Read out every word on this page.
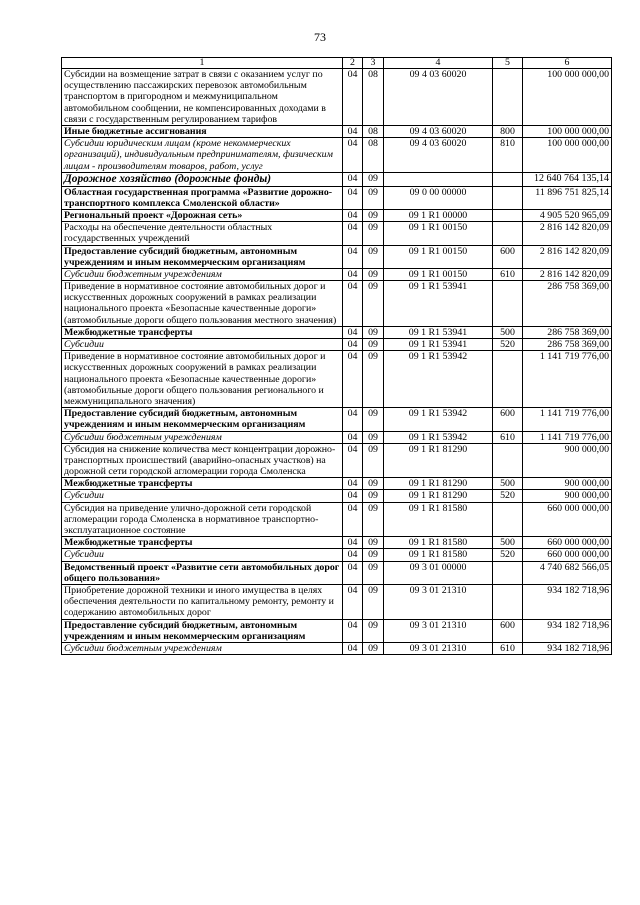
73
1	2	3	4	5	6
Субсидии на возмещение затрат в связи с оказанием услуг по осуществлению пассажирских перевозок автомобильным транспортом в пригородном и межмуниципальном автомобильном сообщении, не компенсированных доходами в связи с государственным регулированием тарифов	04	08	09 4 03 60020		100 000 000,00
Иные бюджетные ассигнования	04	08	09 4 03 60020	800	100 000 000,00
Субсидии юридическим лицам (кроме некоммерческих организаций), индивидуальным предпринимателям, физическим лицам - производителям товаров, работ, услуг	04	08	09 4 03 60020	810	100 000 000,00
Дорожное хозяйство (дорожные фонды)	04	09			12 640 764 135,14
Областная государственная программа «Развитие дорожно-транспортного комплекса Смоленской области»	04	09	09 0 00 00000		11 896 751 825,14
Региональный проект «Дорожная сеть»	04	09	09 1 R1 00000		4 905 520 965,09
Расходы на обеспечение деятельности областных государственных учреждений	04	09	09 1 R1 00150		2 816 142 820,09
Предоставление субсидий бюджетным, автономным учреждениям и иным некоммерческим организациям	04	09	09 1 R1 00150	600	2 816 142 820,09
Субсидии бюджетным учреждениям	04	09	09 1 R1 00150	610	2 816 142 820,09
Приведение в нормативное состояние автомобильных дорог и искусственных дорожных сооружений в рамках реализации национального проекта «Безопасные качественные дороги» (автомобильные дороги общего пользования местного значения)	04	09	09 1 R1 53941		286 758 369,00
Межбюджетные трансферты	04	09	09 1 R1 53941	500	286 758 369,00
Субсидии	04	09	09 1 R1 53941	520	286 758 369,00
Приведение в нормативное состояние автомобильных дорог и искусственных дорожных сооружений в рамках реализации национального проекта «Безопасные качественные дороги» (автомобильные дороги общего пользования регионального и межмуниципального значения)	04	09	09 1 R1 53942		1 141 719 776,00
Предоставление субсидий бюджетным, автономным учреждениям и иным некоммерческим организациям	04	09	09 1 R1 53942	600	1 141 719 776,00
Субсидии бюджетным учреждениям	04	09	09 1 R1 53942	610	1 141 719 776,00
Субсидия на снижение количества мест концентрации дорожно-транспортных происшествий (аварийно-опасных участков) на дорожной сети городской агломерации города Смоленска	04	09	09 1 R1 81290		900 000,00
Межбюджетные трансферты	04	09	09 1 R1 81290	500	900 000,00
Субсидии	04	09	09 1 R1 81290	520	900 000,00
Субсидия на приведение улично-дорожной сети городской агломерации города Смоленска в нормативное транспортно-эксплуатационное состояние	04	09	09 1 R1 81580		660 000 000,00
Межбюджетные трансферты	04	09	09 1 R1 81580	500	660 000 000,00
Субсидии	04	09	09 1 R1 81580	520	660 000 000,00
Ведомственный проект «Развитие сети автомобильных дорог общего пользования»	04	09	09 3 01 00000		4 740 682 566,05
Приобретение дорожной техники и иного имущества в целях обеспечения деятельности по капитальному ремонту, ремонту и содержанию автомобильных дорог	04	09	09 3 01 21310		934 182 718,96
Предоставление субсидий бюджетным, автономным учреждениям и иным некоммерческим организациям	04	09	09 3 01 21310	600	934 182 718,96
Субсидии бюджетным учреждениям	04	09	09 3 01 21310	610	934 182 718,96
